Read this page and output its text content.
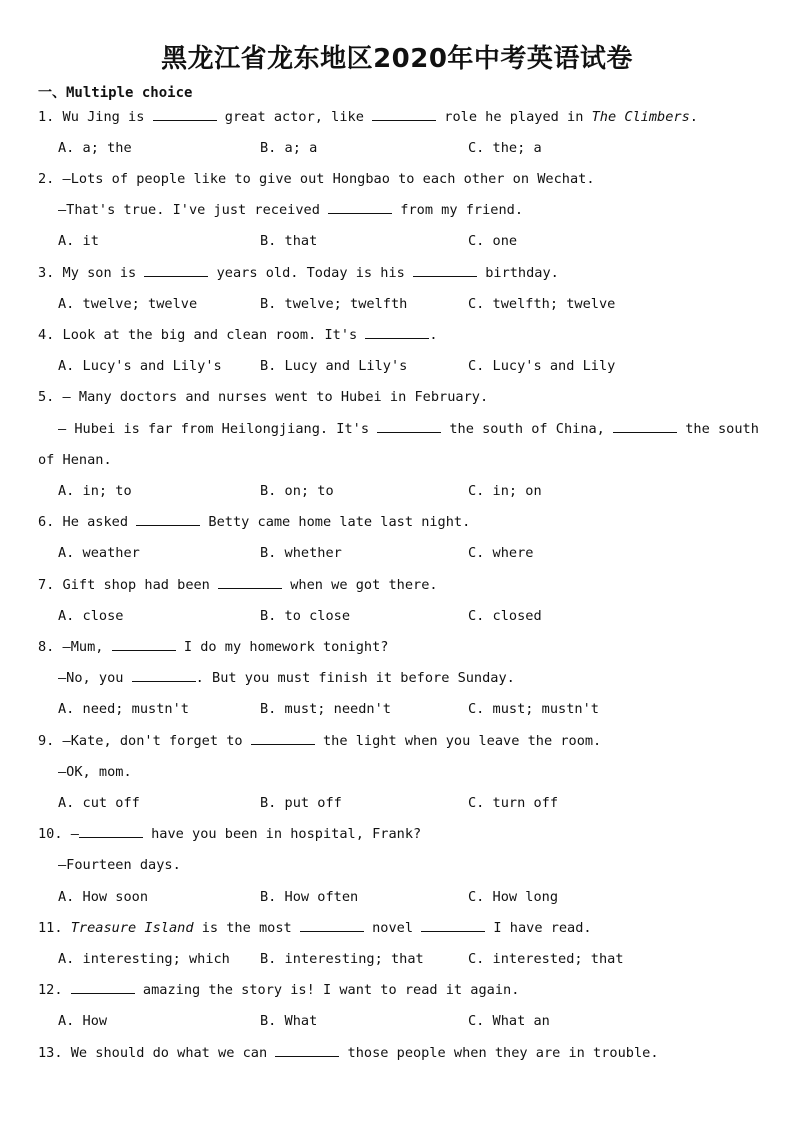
黑龙江省龙东地区2020年中考英语试卷
一、Multiple choice
1. Wu Jing is	great actor, like	role he played in The Climbers.
A. a; the	B. a; a	C. the; a
2. —Lots of people like to give out Hongbao to each other on Wechat.
—That's true. I've just received	from my friend.
A. it	B. that	C. one
3. My son is	years old. Today is his	birthday.
A. twelve; twelve	B. twelve; twelfth	C. twelfth; twelve
4. Look at the big and clean room. It's	.
A. Lucy's and Lily's	B. Lucy and Lily's	C. Lucy's and Lily
5. — Many doctors and nurses went to Hubei in February.
— Hubei is far from Heilongjiang. It's	the south of China,	the south
of Henan.
A. in; to	B. on; to	C. in; on
6. He asked	Betty came home late last night.
A. weather	B. whether	C. where
7. Gift shop had been	when we got there.
A. close	B. to close	C. closed
8. —Mum,	I do my homework tonight?
—No, you	. But you must finish it before Sunday.
A. need; mustn't	B. must; needn't	C. must; mustn't
9. —Kate, don't forget to	the light when you leave the room.
—OK, mom.
A. cut off	B. put off	C. turn off
10. —	have you been in hospital, Frank?
—Fourteen days.
A. How soon	B. How often	C. How long
11. Treasure Island is the most	novel	I have read.
A. interesting; which B. interesting; that	C. interested; that
12.	amazing the story is! I want to read it again.
A. How	B. What	C. What an
13. We should do what we can	those people when they are in trouble.
